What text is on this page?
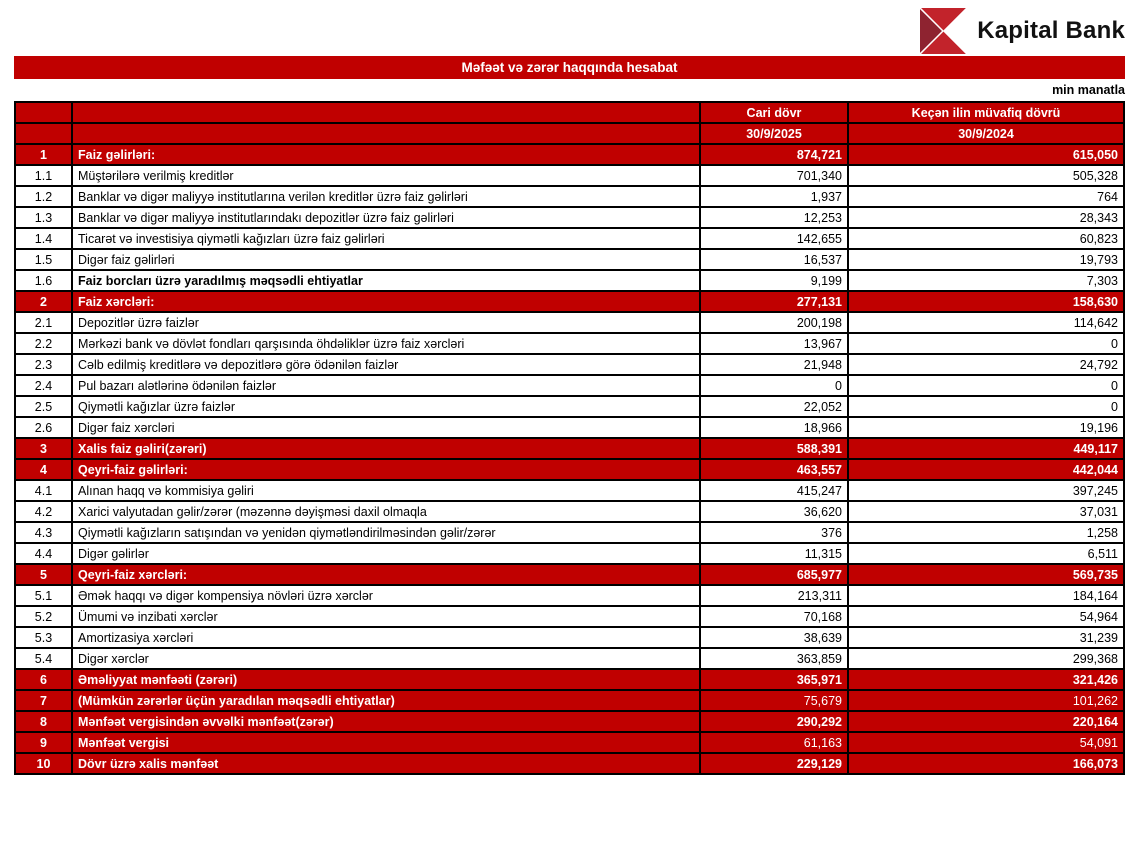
Kapital Bank
Məfəət və zərər haqqında hesabat
min manatla
		Cari dövr	Keçən ilin müvafiq dövrü
		30/9/2025	30/9/2024
1	Faiz gəlirləri:	874,721	615,050
1.1	Müştərilərə verilmiş kreditlər	701,340	505,328
1.2	Banklar və digər maliyyə institutlarına verilən kreditlər üzrə faiz gəlirləri	1,937	764
1.3	Banklar və digər maliyyə institutlarındakı depozitlər üzrə faiz gəlirləri	12,253	28,343
1.4	Ticarət və investisiya qiymətli kağızları üzrə faiz gəlirləri	142,655	60,823
1.5	Digər faiz gəlirləri	16,537	19,793
1.6	Faiz borcları üzrə yaradılmış məqsədli ehtiyatlar	9,199	7,303
2	Faiz xərcləri:	277,131	158,630
2.1	Depozitlər üzrə faizlər	200,198	114,642
2.2	Mərkəzi bank və dövlət fondları qarşısında öhdəliklər üzrə faiz xərcləri	13,967	0
2.3	Cəlb edilmiş kreditlərə və depozitlərə görə ödənilən faizlər	21,948	24,792
2.4	Pul bazarı alətlərinə ödənilən faizlər	0	0
2.5	Qiymətli kağızlar üzrə faizlər	22,052	0
2.6	Digər faiz xərcləri	18,966	19,196
3	Xalis faiz gəliri(zərəri)	588,391	449,117
4	Qeyri-faiz gəlirləri:	463,557	442,044
4.1	Alınan haqq və kommisiya gəliri	415,247	397,245
4.2	Xarici valyutadan gəlir/zərər (məzənnə dəyişməsi daxil olmaqla	36,620	37,031
4.3	Qiymətli kağızların satışından və yenidən qiymətləndirilməsindən gəlir/zərər	376	1,258
4.4	Digər gəlirlər	11,315	6,511
5	Qeyri-faiz xərcləri:	685,977	569,735
5.1	Əmək haqqı və digər kompensiya növləri üzrə xərclər	213,311	184,164
5.2	Ümumi və inzibati xərclər	70,168	54,964
5.3	Amortizasiya xərcləri	38,639	31,239
5.4	Digər xərclər	363,859	299,368
6	Əməliyyat mənfəəti (zərəri)	365,971	321,426
7	(Mümkün zərərlər üçün yaradılan məqsədli ehtiyatlar)	75,679	101,262
8	Mənfəət vergisindən əvvəlki mənfəət(zərər)	290,292	220,164
9	Mənfəət vergisi	61,163	54,091
10	Dövr üzrə xalis mənfəət	229,129	166,073
